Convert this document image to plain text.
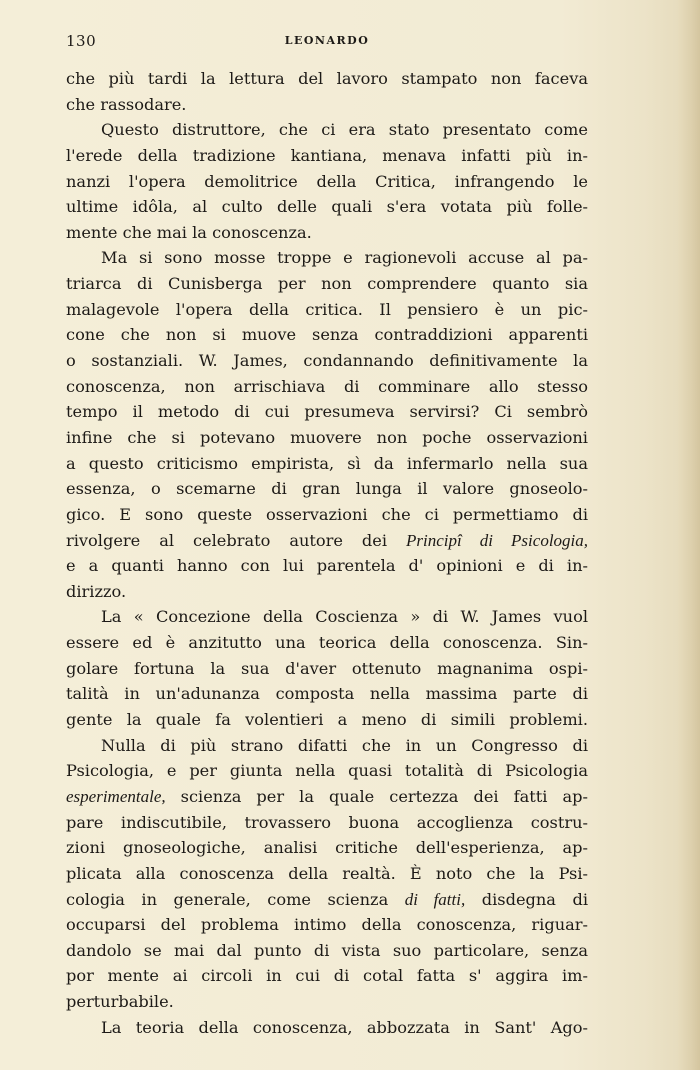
130	LEONARDO
che più tardi la lettura del lavoro stampato non faceva
che rassodare.
Questo distruttore, che ci era stato presentato come
l'erede della tradizione kantiana, menava infatti più in-
nanzi l'opera demolitrice della Critica, infrangendo le
ultime idôla, al culto delle quali s'era votata più folle-
mente che mai la conoscenza.
Ma si sono mosse troppe e ragionevoli accuse al pa-
triarca di Cunisberga per non comprendere quanto sia
malagevole l'opera della critica. Il pensiero è un pic-
cone che non si muove senza contraddizioni apparenti
o sostanziali. W. James, condannando definitivamente la
conoscenza, non arrischiava di comminare allo stesso
tempo il metodo di cui presumeva servirsi? Ci sembrò
infine che si potevano muovere non poche osservazioni
a questo criticismo empirista, sì da infermarlo nella sua
essenza, o scemarne di gran lunga il valore gnoseolo-
gico. E sono queste osservazioni che ci permettiamo di
rivolgere al celebrato autore dei Principî di Psicologia,
e a quanti hanno con lui parentela d' opinioni e di in-
dirizzo.
La « Concezione della Coscienza » di W. James vuol
essere ed è anzitutto una teorica della conoscenza. Sin-
golare fortuna la sua d'aver ottenuto magnanima ospi-
talità in un'adunanza composta nella massima parte di
gente la quale fa volentieri a meno di simili problemi.
Nulla di più strano difatti che in un Congresso di
Psicologia, e per giunta nella quasi totalità di Psicologia
esperimentale, scienza per la quale certezza dei fatti ap-
pare indiscutibile, trovassero buona accoglienza costru-
zioni gnoseologiche, analisi critiche dell'esperienza, ap-
plicata alla conoscenza della realtà. È noto che la Psi-
cologia in generale, come scienza di fatti, disdegna di
occuparsi del problema intimo della conoscenza, riguar-
dandolo se mai dal punto di vista suo particolare, senza
por mente ai circoli in cui di cotal fatta s' aggira im-
perturbabile.
La teoria della conoscenza, abbozzata in Sant' Ago-
